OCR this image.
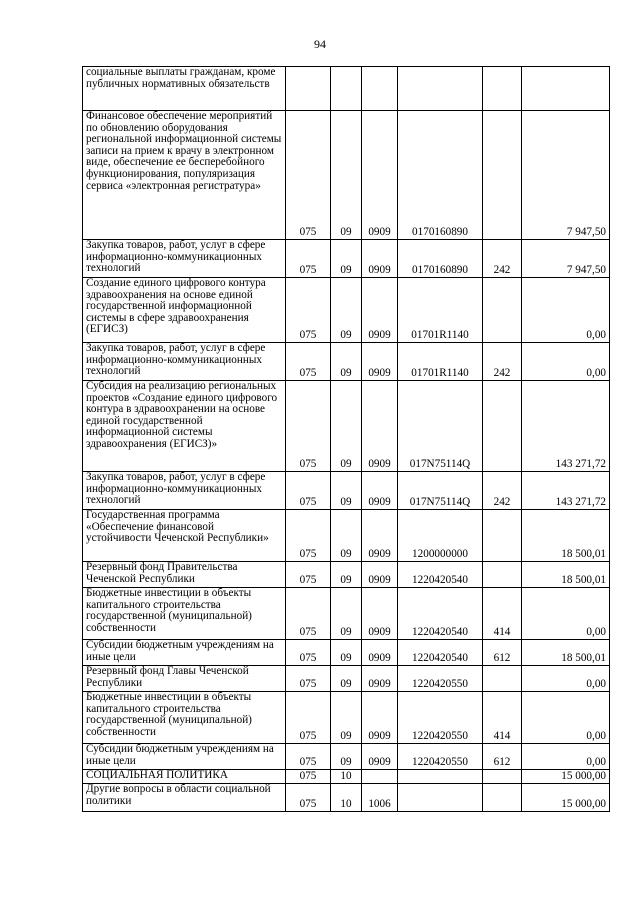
94
социальные выплаты гражданам, кроме публичных нормативных обязательств						
Финансовое обеспечение мероприятий по обновлению оборудования региональной информационной системы записи на прием к врачу в электронном виде, обеспечение ее бесперебойного функционирования, популяризация сервиса «электронная регистратура»	075	09	0909	0170160890		7 947,50
Закупка товаров, работ, услуг в сфере информационно-коммуникационных технологий	075	09	0909	0170160890	242	7 947,50
Создание единого цифрового контура здравоохранения на основе единой государственной информационной системы в сфере здравоохранения (ЕГИСЗ)	075	09	0909	01701R1140		0,00
Закупка товаров, работ, услуг в сфере информационно-коммуникационных технологий	075	09	0909	01701R1140	242	0,00
Субсидия на реализацию региональных проектов «Создание единого цифрового контура в здравоохранении на основе единой государственной информационной системы здравоохранения (ЕГИСЗ)»	075	09	0909	017N75114Q		143 271,72
Закупка товаров, работ, услуг в сфере информационно-коммуникационных технологий	075	09	0909	017N75114Q	242	143 271,72
Государственная программа «Обеспечение финансовой устойчивости Чеченской Республики»	075	09	0909	1200000000		18 500,01
Резервный фонд Правительства Чеченской Республики	075	09	0909	1220420540		18 500,01
Бюджетные инвестиции в объекты капитального строительства государственной (муниципальной) собственности	075	09	0909	1220420540	414	0,00
Субсидии бюджетным учреждениям на иные цели	075	09	0909	1220420540	612	18 500,01
Резервный фонд Главы Чеченской Республики	075	09	0909	1220420550		0,00
Бюджетные инвестиции в объекты капитального строительства государственной (муниципальной) собственности	075	09	0909	1220420550	414	0,00
Субсидии бюджетным учреждениям на иные цели	075	09	0909	1220420550	612	0,00
СОЦИАЛЬНАЯ ПОЛИТИКА	075	10				15 000,00
Другие вопросы в области социальной политики	075	10	1006			15 000,00
